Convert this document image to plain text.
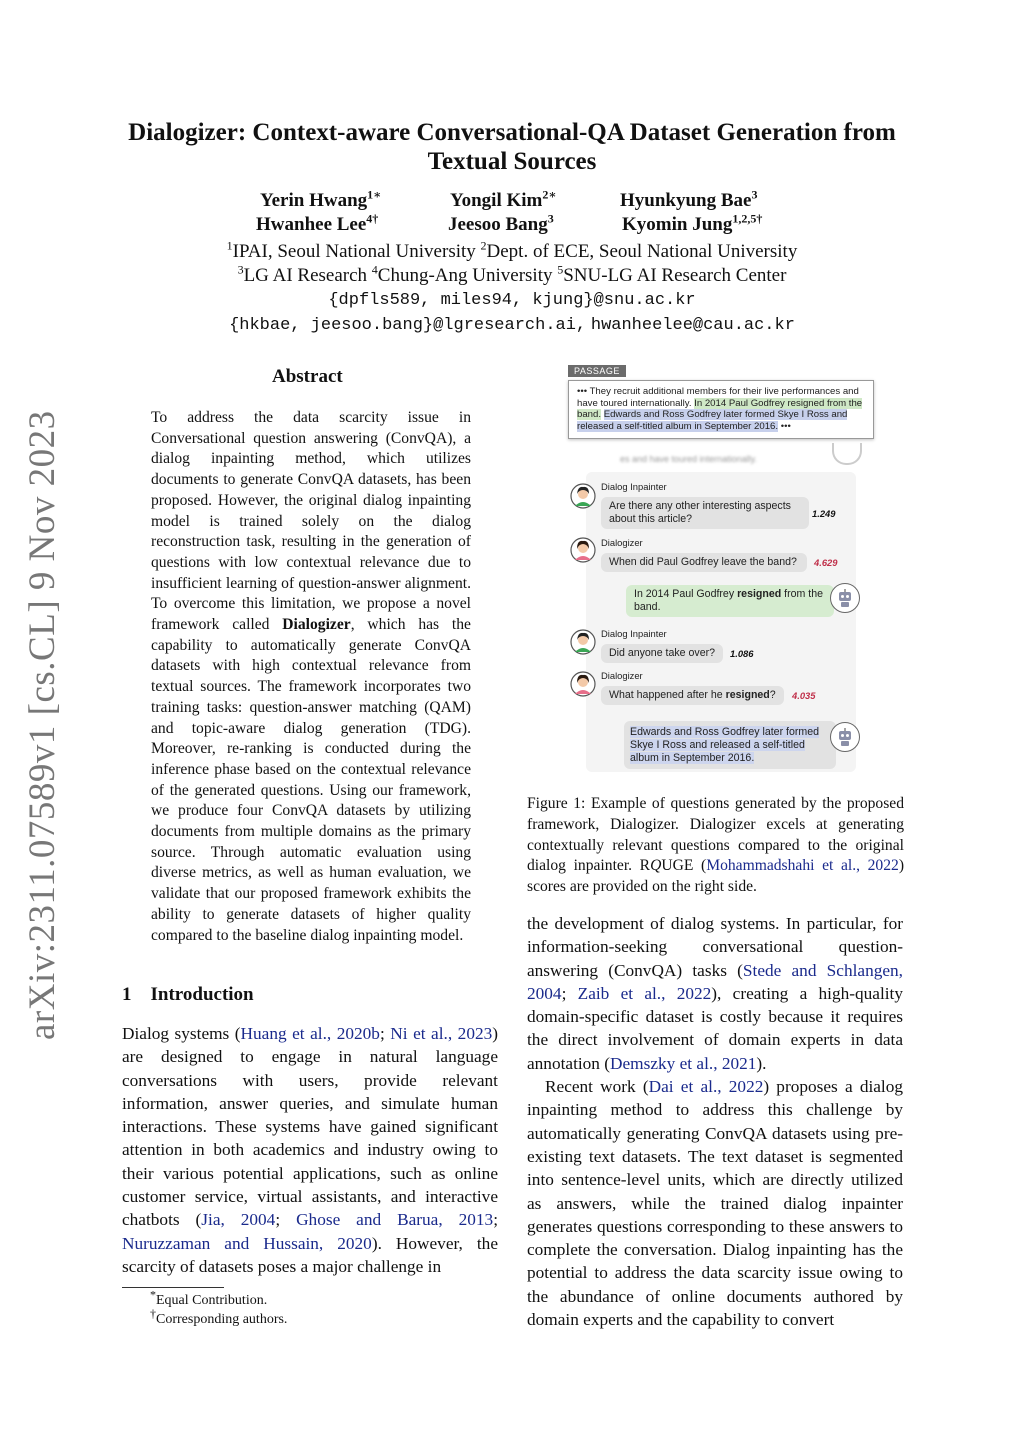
arXiv:2311.07589v1 [cs.CL] 9 Nov 2023
Dialogizer: Context-aware Conversational-QA Dataset Generation from Textual Sources
Yerin Hwang$^{1∗}$	Yongil Kim$^{2∗}$	Hyunkyung Bae$^3$
Hwanhee Lee$^{4\dagger}$	Jeesoo Bang$^3$	Kyomin Jung$^{1,2,5\dagger}$
$^1$IPAI, Seoul National University $^2$Dept. of ECE, Seoul National University
$^3$LG AI Research $^4$Chung-Ang University $^5$SNU-LG AI Research Center
{dpfls589, miles94, kjung}@snu.ac.kr
{hkbae, jeesoo.bang}@lgresearch.ai, hwanheelee@cau.ac.kr
Abstract
To address the data scarcity issue in Conversational question answering (ConvQA), a dialog inpainting method, which utilizes documents to generate ConvQA datasets, has been proposed. However, the original dialog inpainting model is trained solely on the dialog reconstruction task, resulting in the generation of questions with low contextual relevance due to insufficient learning of question-answer alignment. To overcome this limitation, we propose a novel framework called Dialogizer, which has the capability to automatically generate ConvQA datasets with high contextual relevance from textual sources. The framework incorporates two training tasks: question-answer matching (QAM) and topic-aware dialog generation (TDG). Moreover, re-ranking is conducted during the inference phase based on the contextual relevance of the generated questions. Using our framework, we produce four ConvQA datasets by utilizing documents from multiple domains as the primary source. Through automatic evaluation using diverse metrics, as well as human evaluation, we validate that our proposed framework exhibits the ability to generate datasets of higher quality compared to the baseline dialog inpainting model.
1 Introduction
Dialog systems (Huang et al., 2020b; Ni et al., 2023) are designed to engage in natural language conversations with users, provide relevant information, answer queries, and simulate human interactions. These systems have gained significant attention in both academics and industry owing to their various potential applications, such as online customer service, virtual assistants, and interactive chatbots (Jia, 2004; Ghose and Barua, 2013; Nuruzzaman and Hussain, 2020). However, the scarcity of datasets poses a major challenge in
*Equal Contribution.
†Corresponding authors.
es and have toured internationally.
PASSAGE
••• They recruit additional members for their live performances and have toured internationally. In 2014 Paul Godfrey resigned from the band. Edwards and Ross Godfrey later formed Skye I Ross and released a self-titled album in September 2016. •••
Dialog Inpainter
Are there any other interesting aspects about this article?	1.249
Dialogizer
When did Paul Godfrey leave the band?	4.629
In 2014 Paul Godfrey resigned from the band.
Dialog Inpainter
Did anyone take over?	1.086
Dialogizer
What happened after he resigned?	4.035
Edwards and Ross Godfrey later formed Skye I Ross and released a self-titled album in September 2016.
Figure 1: Example of questions generated by the proposed framework, Dialogizer. Dialogizer excels at generating contextually relevant questions compared to the original dialog inpainter. RQUGE (Mohammadshahi et al., 2022) scores are provided on the right side.
the development of dialog systems. In particular, for information-seeking conversational question-answering (ConvQA) tasks (Stede and Schlangen, 2004; Zaib et al., 2022), creating a high-quality domain-specific dataset is costly because it requires the direct involvement of domain experts in data annotation (Demszky et al., 2021).
Recent work (Dai et al., 2022) proposes a dialog inpainting method to address this challenge by automatically generating ConvQA datasets using pre-existing text datasets. The text dataset is segmented into sentence-level units, which are directly utilized as answers, while the trained dialog inpainter generates questions corresponding to these answers to complete the conversation. Dialog inpainting has the potential to address the data scarcity issue owing to the abundance of online documents authored by domain experts and the capability to convert
